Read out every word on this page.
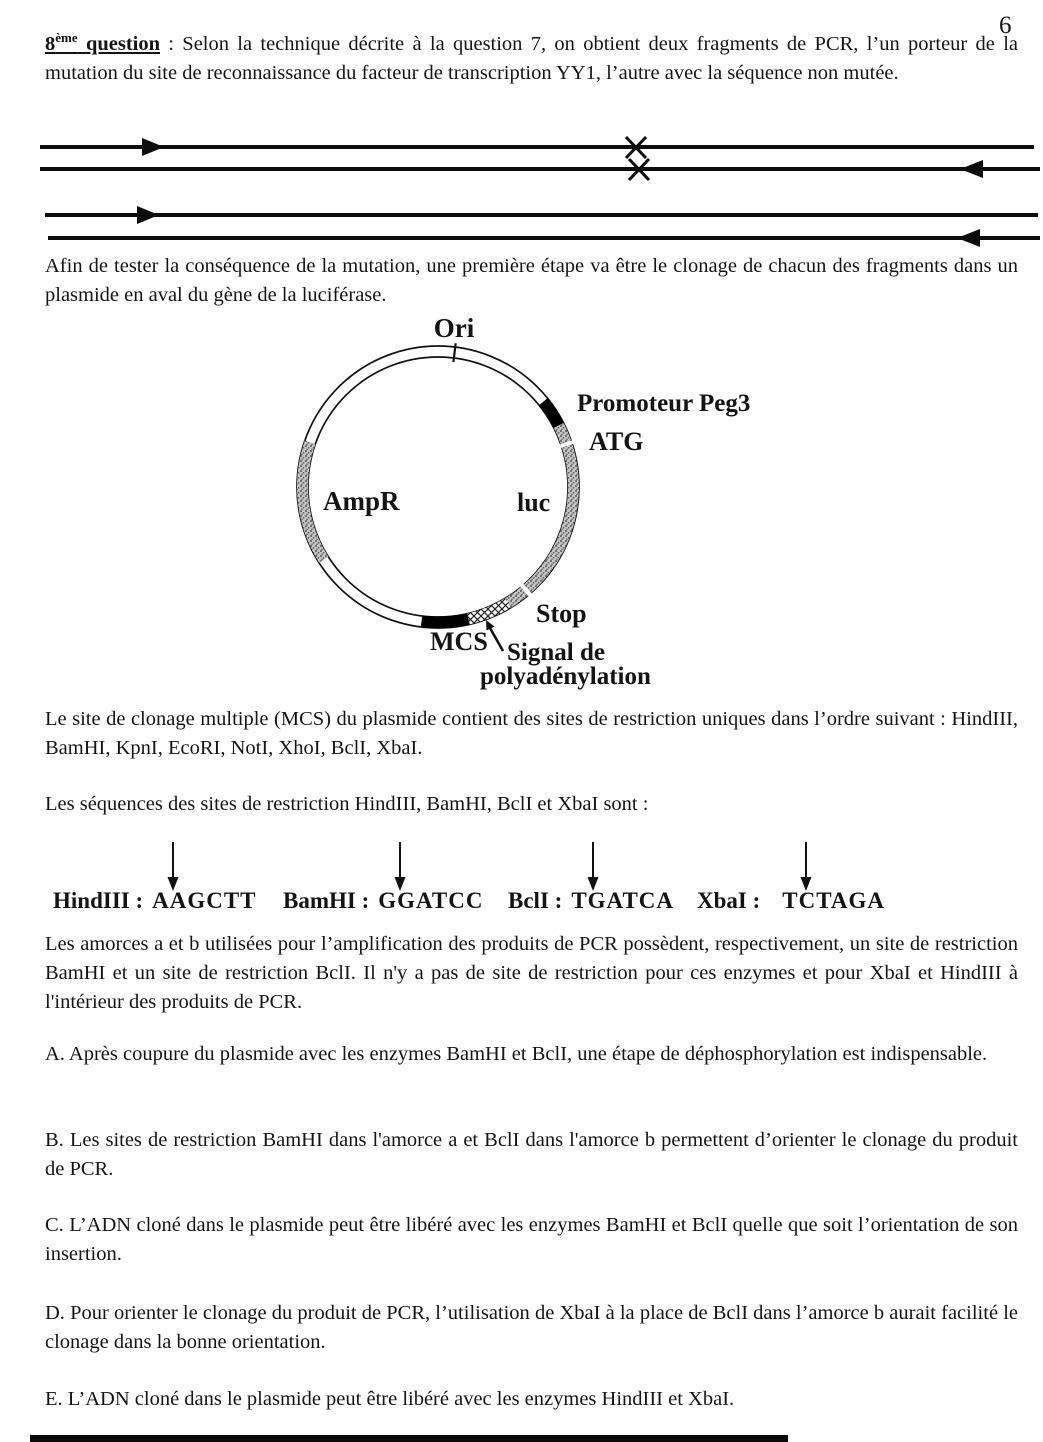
6

8ème question : Selon la technique décrite à la question 7, on obtient deux fragments de PCR, l’un porteur de la mutation du site de reconnaissance du facteur de transcription YY1, l’autre avec la séquence non mutée.

Afin de tester la conséquence de la mutation, une première étape va être le clonage de chacun des fragments dans un plasmide en aval du gène de la luciférase.

Ori
Promoteur Peg3
ATG
AmpR	luc
Stop
MCS Signal de
polyadénylation

Le site de clonage multiple (MCS) du plasmide contient des sites de restriction uniques dans l’ordre suivant : HindIII, BamHI, KpnI, EcoRI, NotI, XhoI, BclI, XbaI.

Les séquences des sites de restriction HindIII, BamHI, BclI et XbaI sont :

HindIII : AAGCTT BamHI : GGATCC BclI : TGATCA XbaI : TCTAGA

Les amorces a et b utilisées pour l’amplification des produits de PCR possèdent, respectivement, un site de restriction BamHI et un site de restriction BclI. Il n'y a pas de site de restriction pour ces enzymes et pour XbaI et HindIII à l'intérieur des produits de PCR.

A. Après coupure du plasmide avec les enzymes BamHI et BclI, une étape de déphosphorylation est indispensable.

B. Les sites de restriction BamHI dans l'amorce a et BclI dans l'amorce b permettent d’orienter le clonage du produit de PCR.

C. L’ADN cloné dans le plasmide peut être libéré avec les enzymes BamHI et BclI quelle que soit l’orientation de son insertion.

D. Pour orienter le clonage du produit de PCR, l’utilisation de XbaI à la place de BclI dans l’amorce b aurait facilité le clonage dans la bonne orientation.

E. L’ADN cloné dans le plasmide peut être libéré avec les enzymes HindIII et XbaI.
